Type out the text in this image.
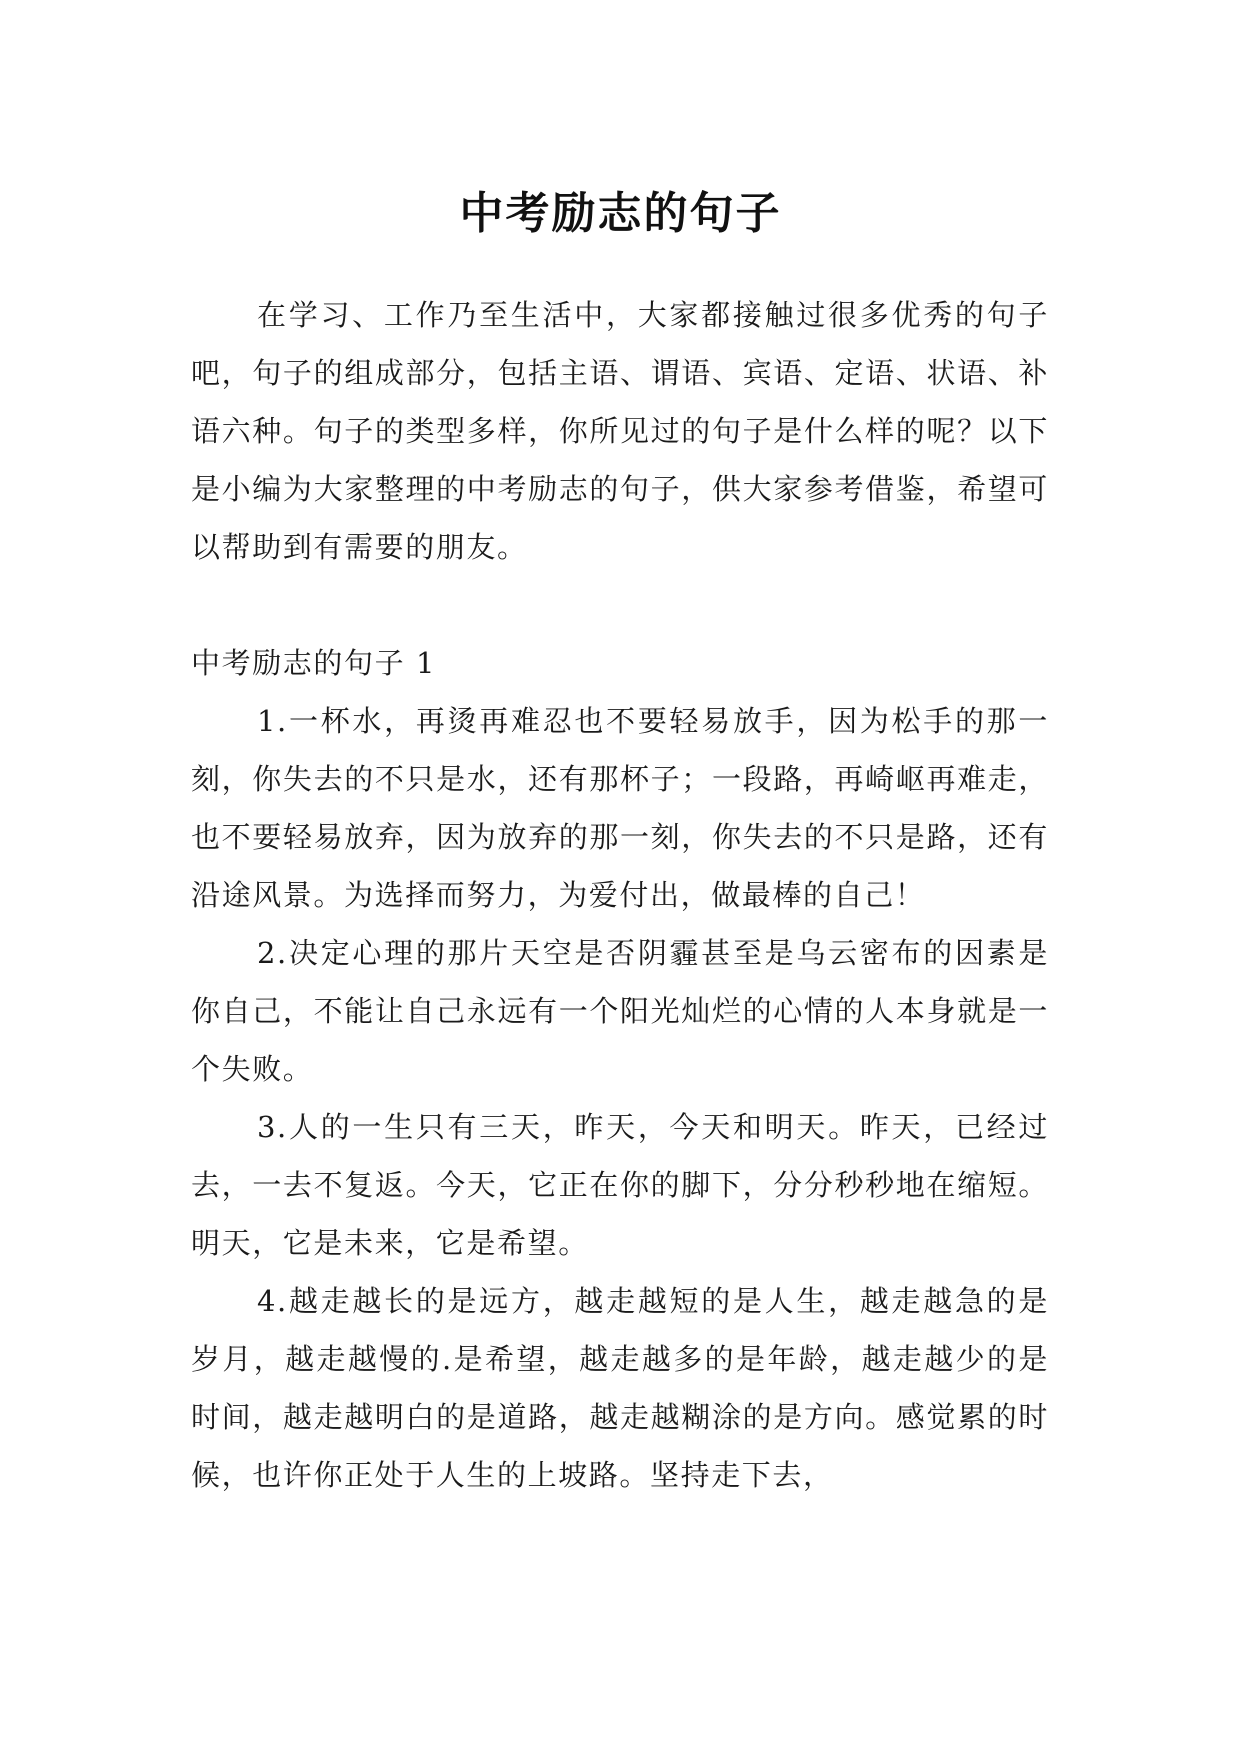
中考励志的句子

在学习、工作乃至生活中，大家都接触过很多优秀的句子吧，句子的组成部分，包括主语、谓语、宾语、定语、状语、补语六种。句子的类型多样，你所见过的句子是什么样的呢？以下是小编为大家整理的中考励志的句子，供大家参考借鉴，希望可以帮助到有需要的朋友。

中考励志的句子 1

1.一杯水，再烫再难忍也不要轻易放手，因为松手的那一刻，你失去的不只是水，还有那杯子；一段路，再崎岖再难走，也不要轻易放弃，因为放弃的那一刻，你失去的不只是路，还有沿途风景。为选择而努力，为爱付出，做最棒的自己！
2.决定心理的那片天空是否阴霾甚至是乌云密布的因素是你自己，不能让自己永远有一个阳光灿烂的心情的人本身就是一个失败。
3.人的一生只有三天，昨天，今天和明天。昨天，已经过去，一去不复返。今天，它正在你的脚下，分分秒秒地在缩短。明天，它是未来，它是希望。
4.越走越长的是远方，越走越短的是人生，越走越急的是岁月，越走越慢的.是希望，越走越多的是年龄，越走越少的是时间，越走越明白的是道路，越走越糊涂的是方向。感觉累的时候，也许你正处于人生的上坡路。坚持走下去，
